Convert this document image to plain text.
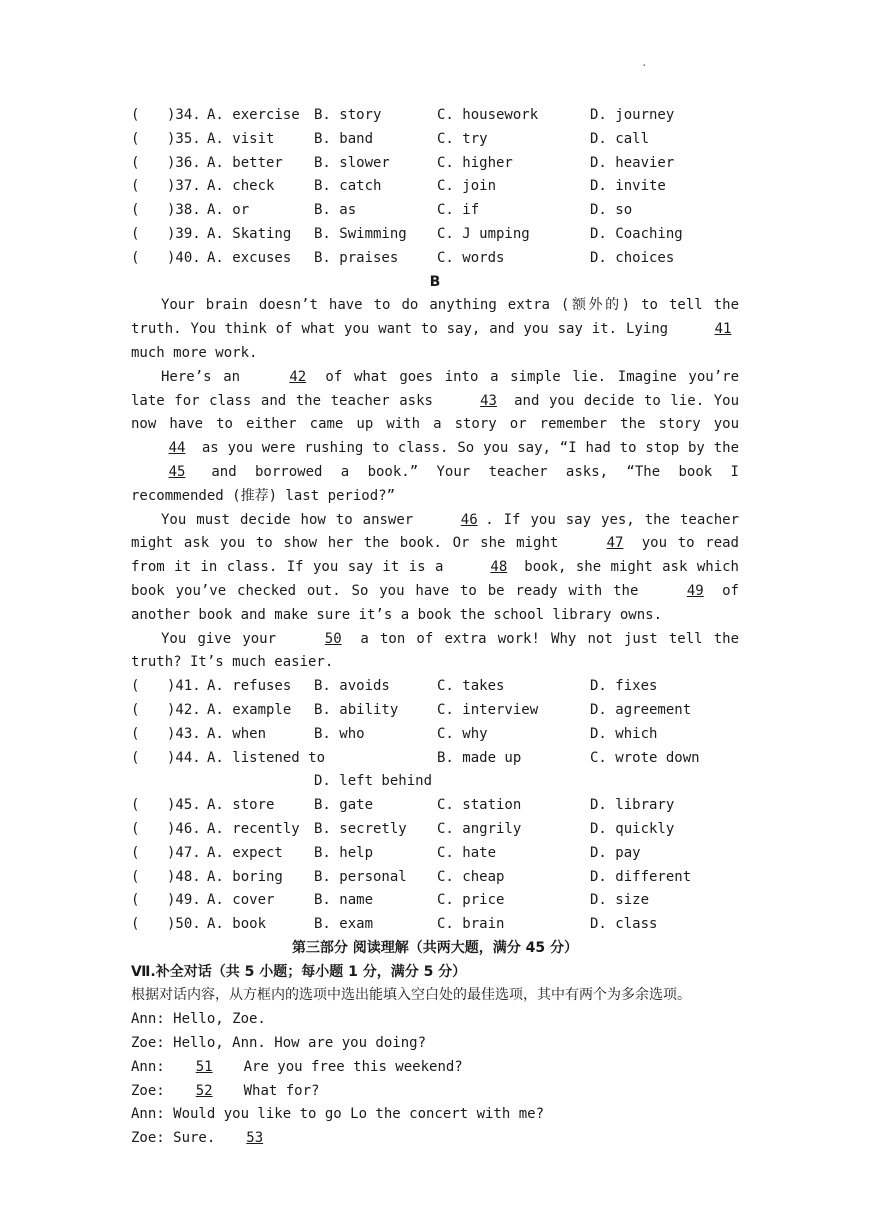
.
( )34. A. exercise B. story	C. housework	D. journey
( )35. A. visit	B. band	C. try	D. call
( )36. A. better B. slower	C. higher	D. heavier
( )37. A. check	B. catch	C. join	D. invite
( )38. A. or	B. as	C. if	D. so
( )39. A. Skating B. Swimming C. J umping	D. Coaching
( )40. A. excuses B. praises	C. words	D. choices
B

Your brain doesn’t have to do anything extra (额外的) to tell the truth. You think of what you want to say, and you say it. Lying	41 much more work.

Here’s an	42 of what goes into a simple lie. Imagine you’re late for class and the teacher asks	43 and you decide to lie. You now have to either came up with a story or remember the story you 44 as you were rushing to class. So you say, “I had to stop by the 45 and borrowed a book.” Your teacher asks, “The book I recommended (推荐) last period?”

You must decide how to answer	46 . If you say yes, the teacher might ask you to show her the book. Or she might	47 you to read from it in class. If you say it is a	48 book, she might ask which book you’ve checked out. So you have to be ready with the	49 of another book and make sure it’s a book the school library owns.

You give your	50 a ton of extra work! Why not just tell the truth? It’s much easier.

( )41. A. refuses B. avoids	C. takes	D. fixes
( )42. A. example B. ability	C. interview	D. agreement
( )43. A. when	B. who	C. why	D. which
( )44. A. listened to	B. made up	C. wrote down
D. left behind
( )45. A. store	B. gate	C. station	D. library
( )46. A. recently B. secretly C. angrily	D. quickly
( )47. A. expect B. help	C. hate	D. pay
( )48. A. boring B. personal C. cheap	D. different
( )49. A. cover	B. name	C. price	D. size
( )50. A. book	B. exam	C. brain	D. class
第三部分 阅读理解（共两大题，满分 45 分）
Ⅶ.补全对话（共 5 小题；每小题 1 分，满分 5 分）
根据对话内容，从方框内的选项中选出能填入空白处的最佳选项，其中有两个为多余选项。
Ann: Hello, Zoe.
Zoe: Hello, Ann. How are you doing?
Ann: 51 Are you free this weekend?
Zoe: 52 What for?
Ann: Would you like to go Lo the concert with me?
Zoe: Sure. 53
